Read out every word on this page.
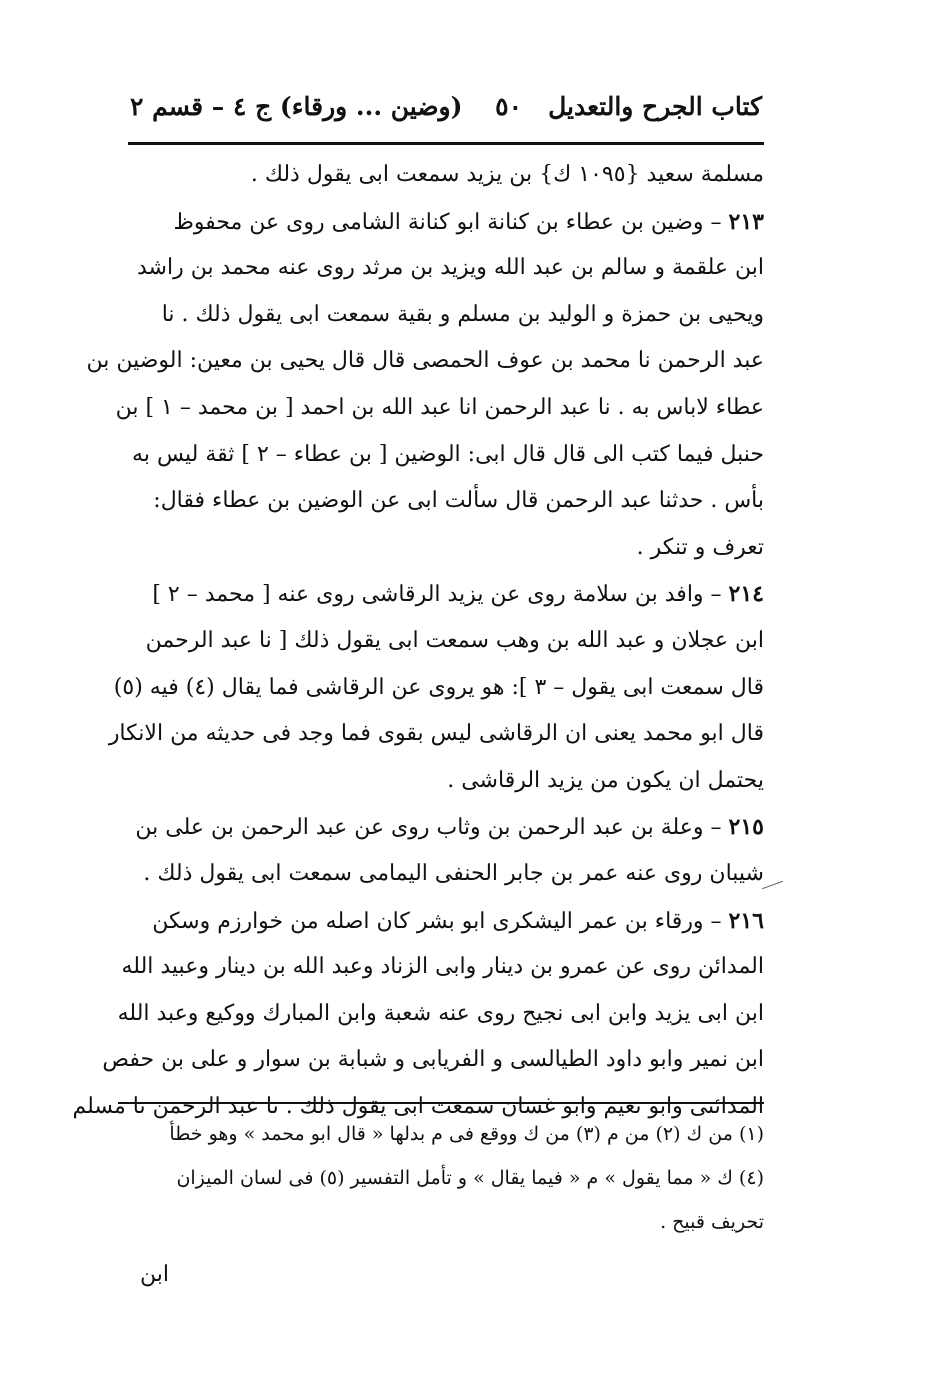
كتاب الجرح والتعديل
٥٠
(وضين ... ورقاء) ج ٤ – قسم ٢
مسلمة سعيد {١٠٩٥ ك} بن يزيد سمعت ابى يقول ذلك .
٢١٣ – وضين بن عطاء بن كنانة ابو كنانة الشامى روى عن محفوظ
ابن علقمة و سالم بن عبد الله ويزيد بن مرثد روى عنه محمد بن راشد
ويحيى بن حمزة و الوليد بن مسلم و بقية سمعت ابى يقول ذلك . نا
عبد الرحمن نا محمد بن عوف الحمصى قال قال يحيى بن معين: الوضين بن
عطاء لاباس به . نا عبد الرحمن انا عبد الله بن احمد [ بن محمد – ١ ] بن
حنبل فيما كتب الى قال قال ابى: الوضين [ بن عطاء – ٢ ] ثقة ليس به
بأس . حدثنا عبد الرحمن قال سألت ابى عن الوضين بن عطاء فقال:
تعرف و تنكر .
٢١٤ – وافد بن سلامة روى عن يزيد الرقاشى روى عنه [ محمد – ٢ ]
ابن عجلان و عبد الله بن وهب سمعت ابى يقول ذلك [ نا عبد الرحمن
قال سمعت ابى يقول – ٣ ]: هو يروى عن الرقاشى فما يقال (٤) فيه (٥)
قال ابو محمد يعنى ان الرقاشى ليس بقوى فما وجد فى حديثه من الانكار
يحتمل ان يكون من يزيد الرقاشى .
٢١٥ – وعلة بن عبد الرحمن بن وثاب روى عن عبد الرحمن بن على بن
شيبان روى عنه عمر بن جابر الحنفى اليمامى سمعت ابى يقول ذلك .
٢١٦ – ورقاء بن عمر اليشكرى ابو بشر كان اصله من خوارزم وسكن
المدائن روى عن عمرو بن دينار وابى الزناد وعبد الله بن دينار وعبيد الله
ابن ابى يزيد وابن ابى نجيح روى عنه شعبة وابن المبارك ووكيع وعبد الله
ابن نمير وابو داود الطيالسى و الفريابى و شبابة بن سوار و على بن حفص
المدائنى وابو نعيم وابو غسان سمعت ابى يقول ذلك . نا عبد الرحمن نا مسلم
(١) من ك (٢) من م (٣) من ك ووقع فى م بدلها « قال ابو محمد » وهو خطأ
(٤) ك « مما يقول » م « فيما يقال » و تأمل التفسير (٥) فى لسان الميزان
تحريف قبيح .
ابن
